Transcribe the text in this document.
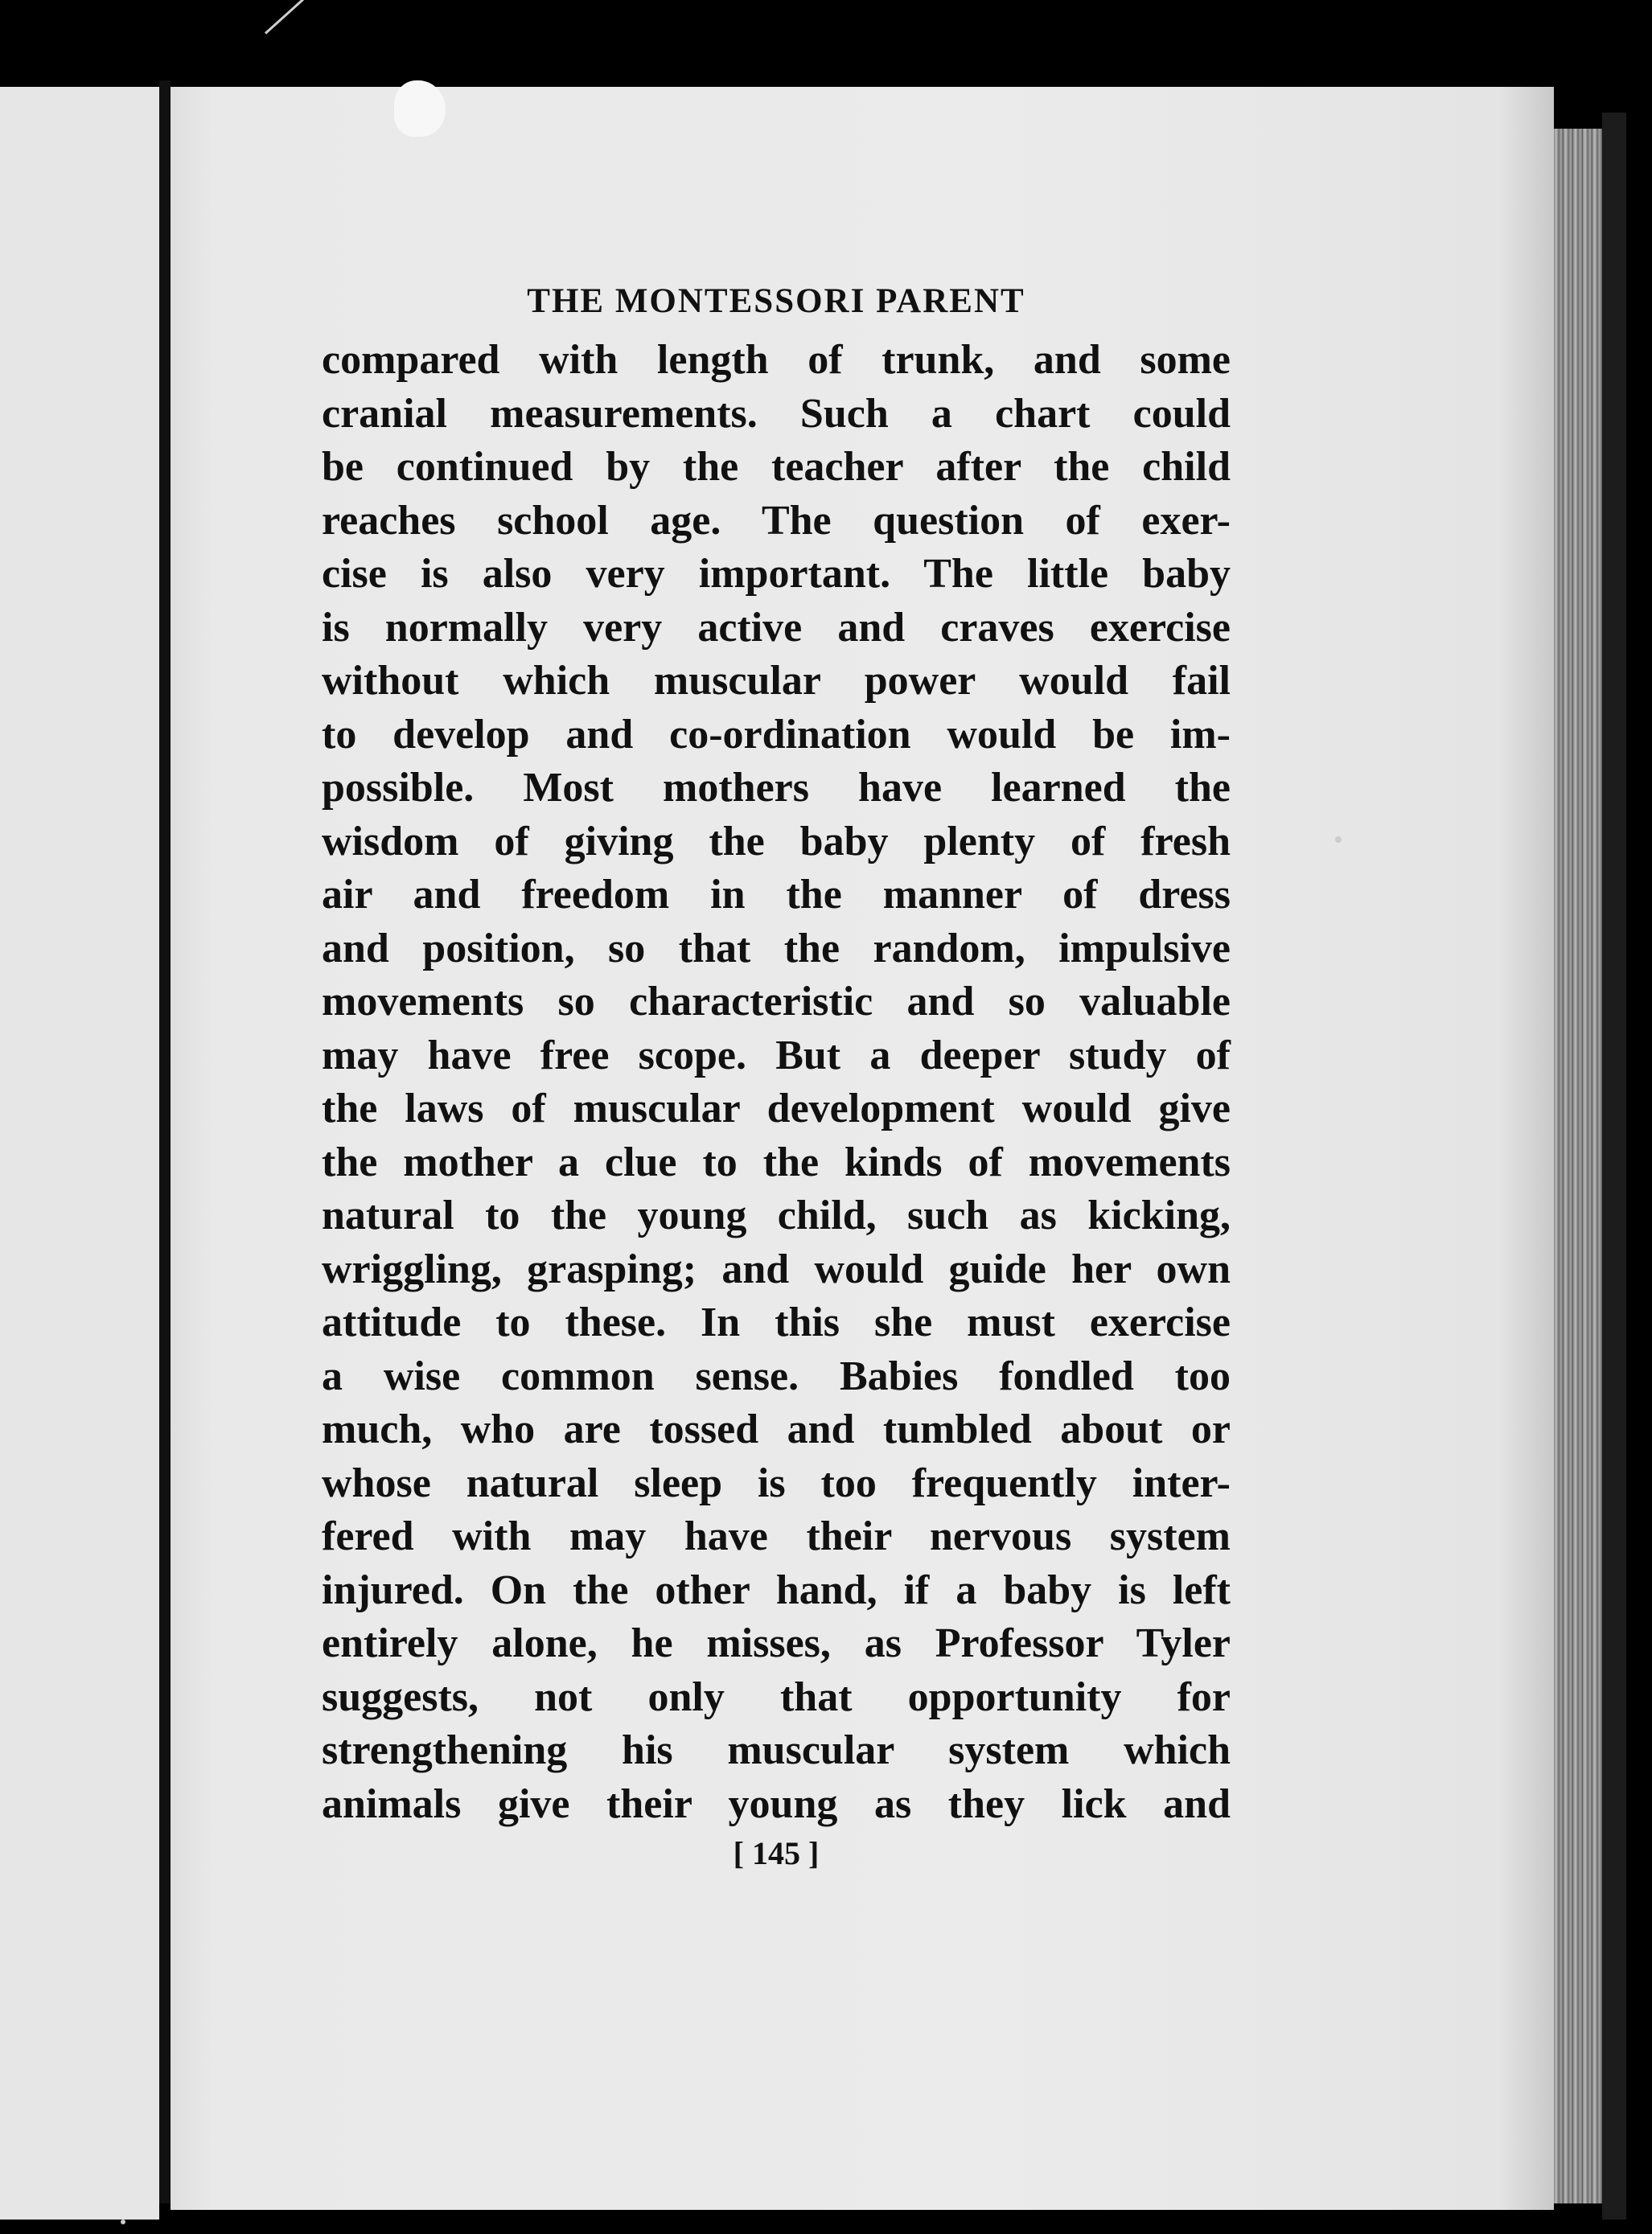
THE MONTESSORI PARENT
compared with length of trunk, and some
cranial measurements. Such a chart could
be continued by the teacher after the child
reaches school age. The question of exer-
cise is also very important. The little baby
is normally very active and craves exercise
without which muscular power would fail
to develop and co-ordination would be im-
possible. Most mothers have learned the
wisdom of giving the baby plenty of fresh
air and freedom in the manner of dress
and position, so that the random, impulsive
movements so characteristic and so valuable
may have free scope. But a deeper study of
the laws of muscular development would give
the mother a clue to the kinds of movements
natural to the young child, such as kicking,
wriggling, grasping; and would guide her own
attitude to these. In this she must exercise
a wise common sense. Babies fondled too
much, who are tossed and tumbled about or
whose natural sleep is too frequently inter-
fered with may have their nervous system
injured. On the other hand, if a baby is left
entirely alone, he misses, as Professor Tyler
suggests, not only that opportunity for
strengthening his muscular system which
animals give their young as they lick and
[ 145 ]
